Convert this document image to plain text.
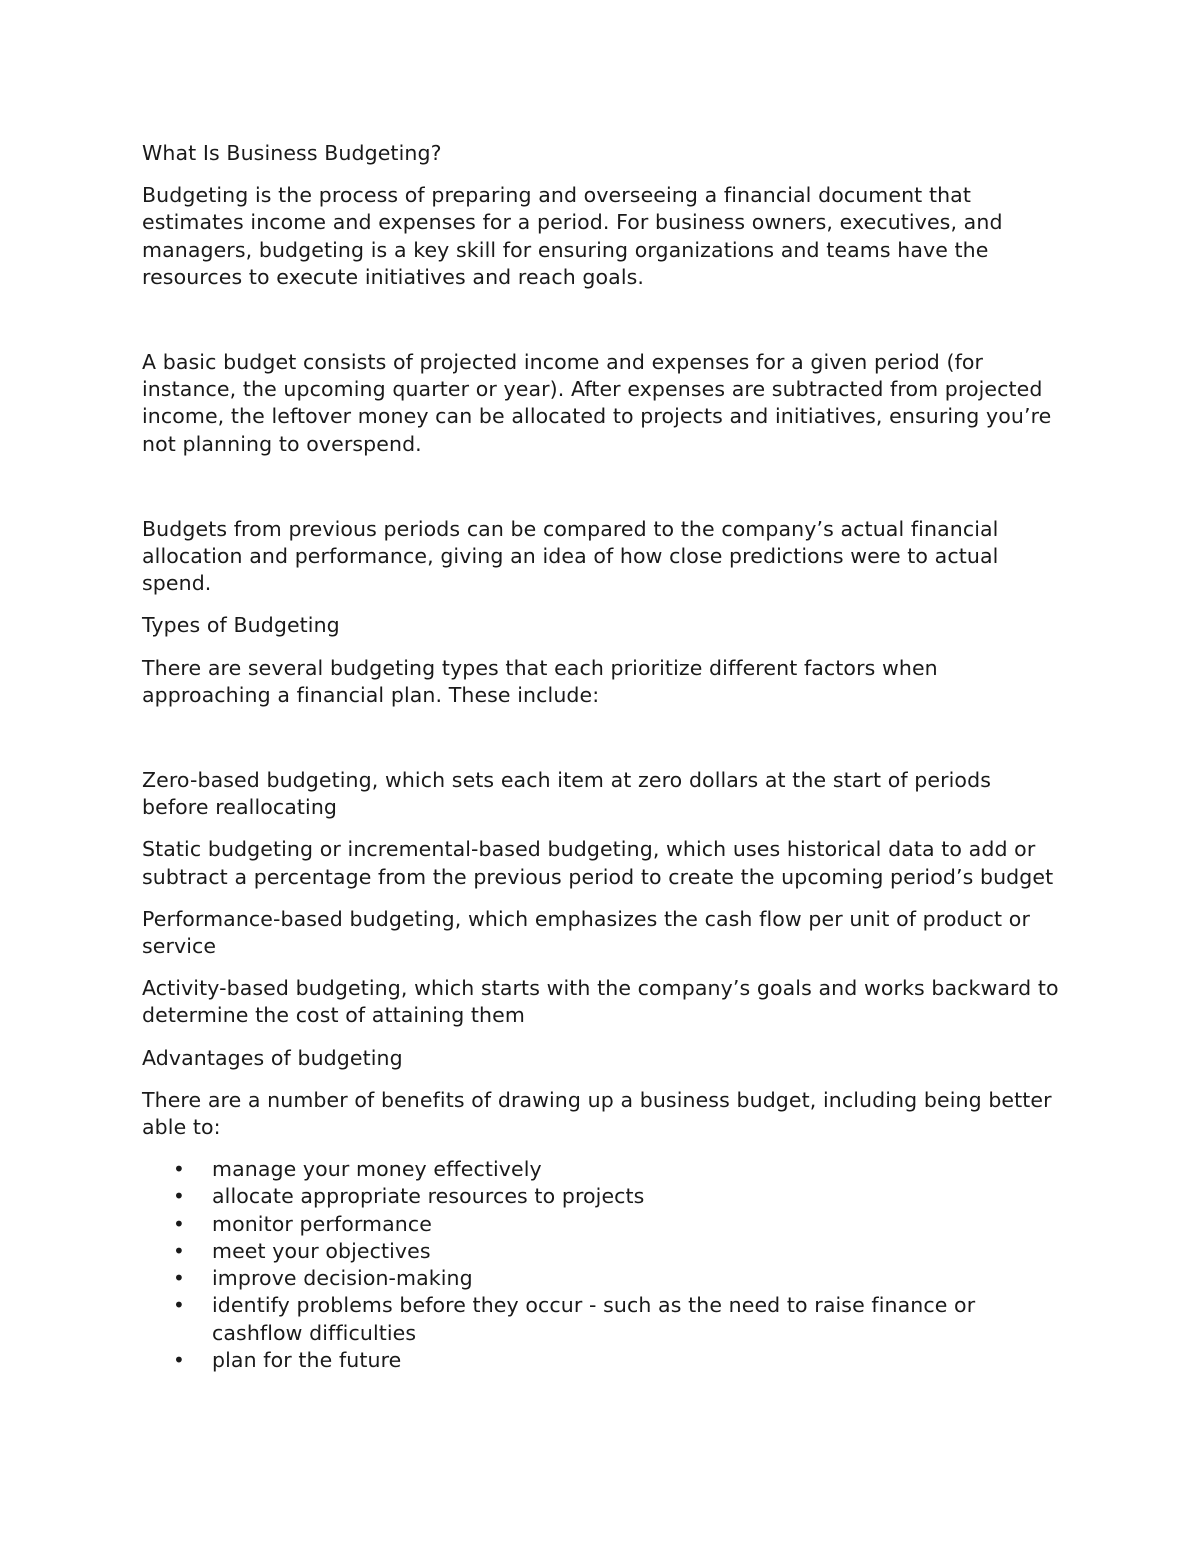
What Is Business Budgeting?

Budgeting is the process of preparing and overseeing a financial document that estimates income and expenses for a period. For business owners, executives, and managers, budgeting is a key skill for ensuring organizations and teams have the resources to execute initiatives and reach goals.

A basic budget consists of projected income and expenses for a given period (for instance, the upcoming quarter or year). After expenses are subtracted from projected income, the leftover money can be allocated to projects and initiatives, ensuring you’re not planning to overspend.

Budgets from previous periods can be compared to the company’s actual financial allocation and performance, giving an idea of how close predictions were to actual spend.

Types of Budgeting

There are several budgeting types that each prioritize different factors when approaching a financial plan. These include:

Zero-based budgeting, which sets each item at zero dollars at the start of periods before reallocating

Static budgeting or incremental-based budgeting, which uses historical data to add or subtract a percentage from the previous period to create the upcoming period’s budget

Performance-based budgeting, which emphasizes the cash flow per unit of product or service

Activity-based budgeting, which starts with the company’s goals and works backward to determine the cost of attaining them

Advantages of budgeting

There are a number of benefits of drawing up a business budget, including being better able to:

• manage your money effectively
• allocate appropriate resources to projects
• monitor performance
• meet your objectives
• improve decision-making
• identify problems before they occur - such as the need to raise finance or cashflow difficulties
• plan for the future
